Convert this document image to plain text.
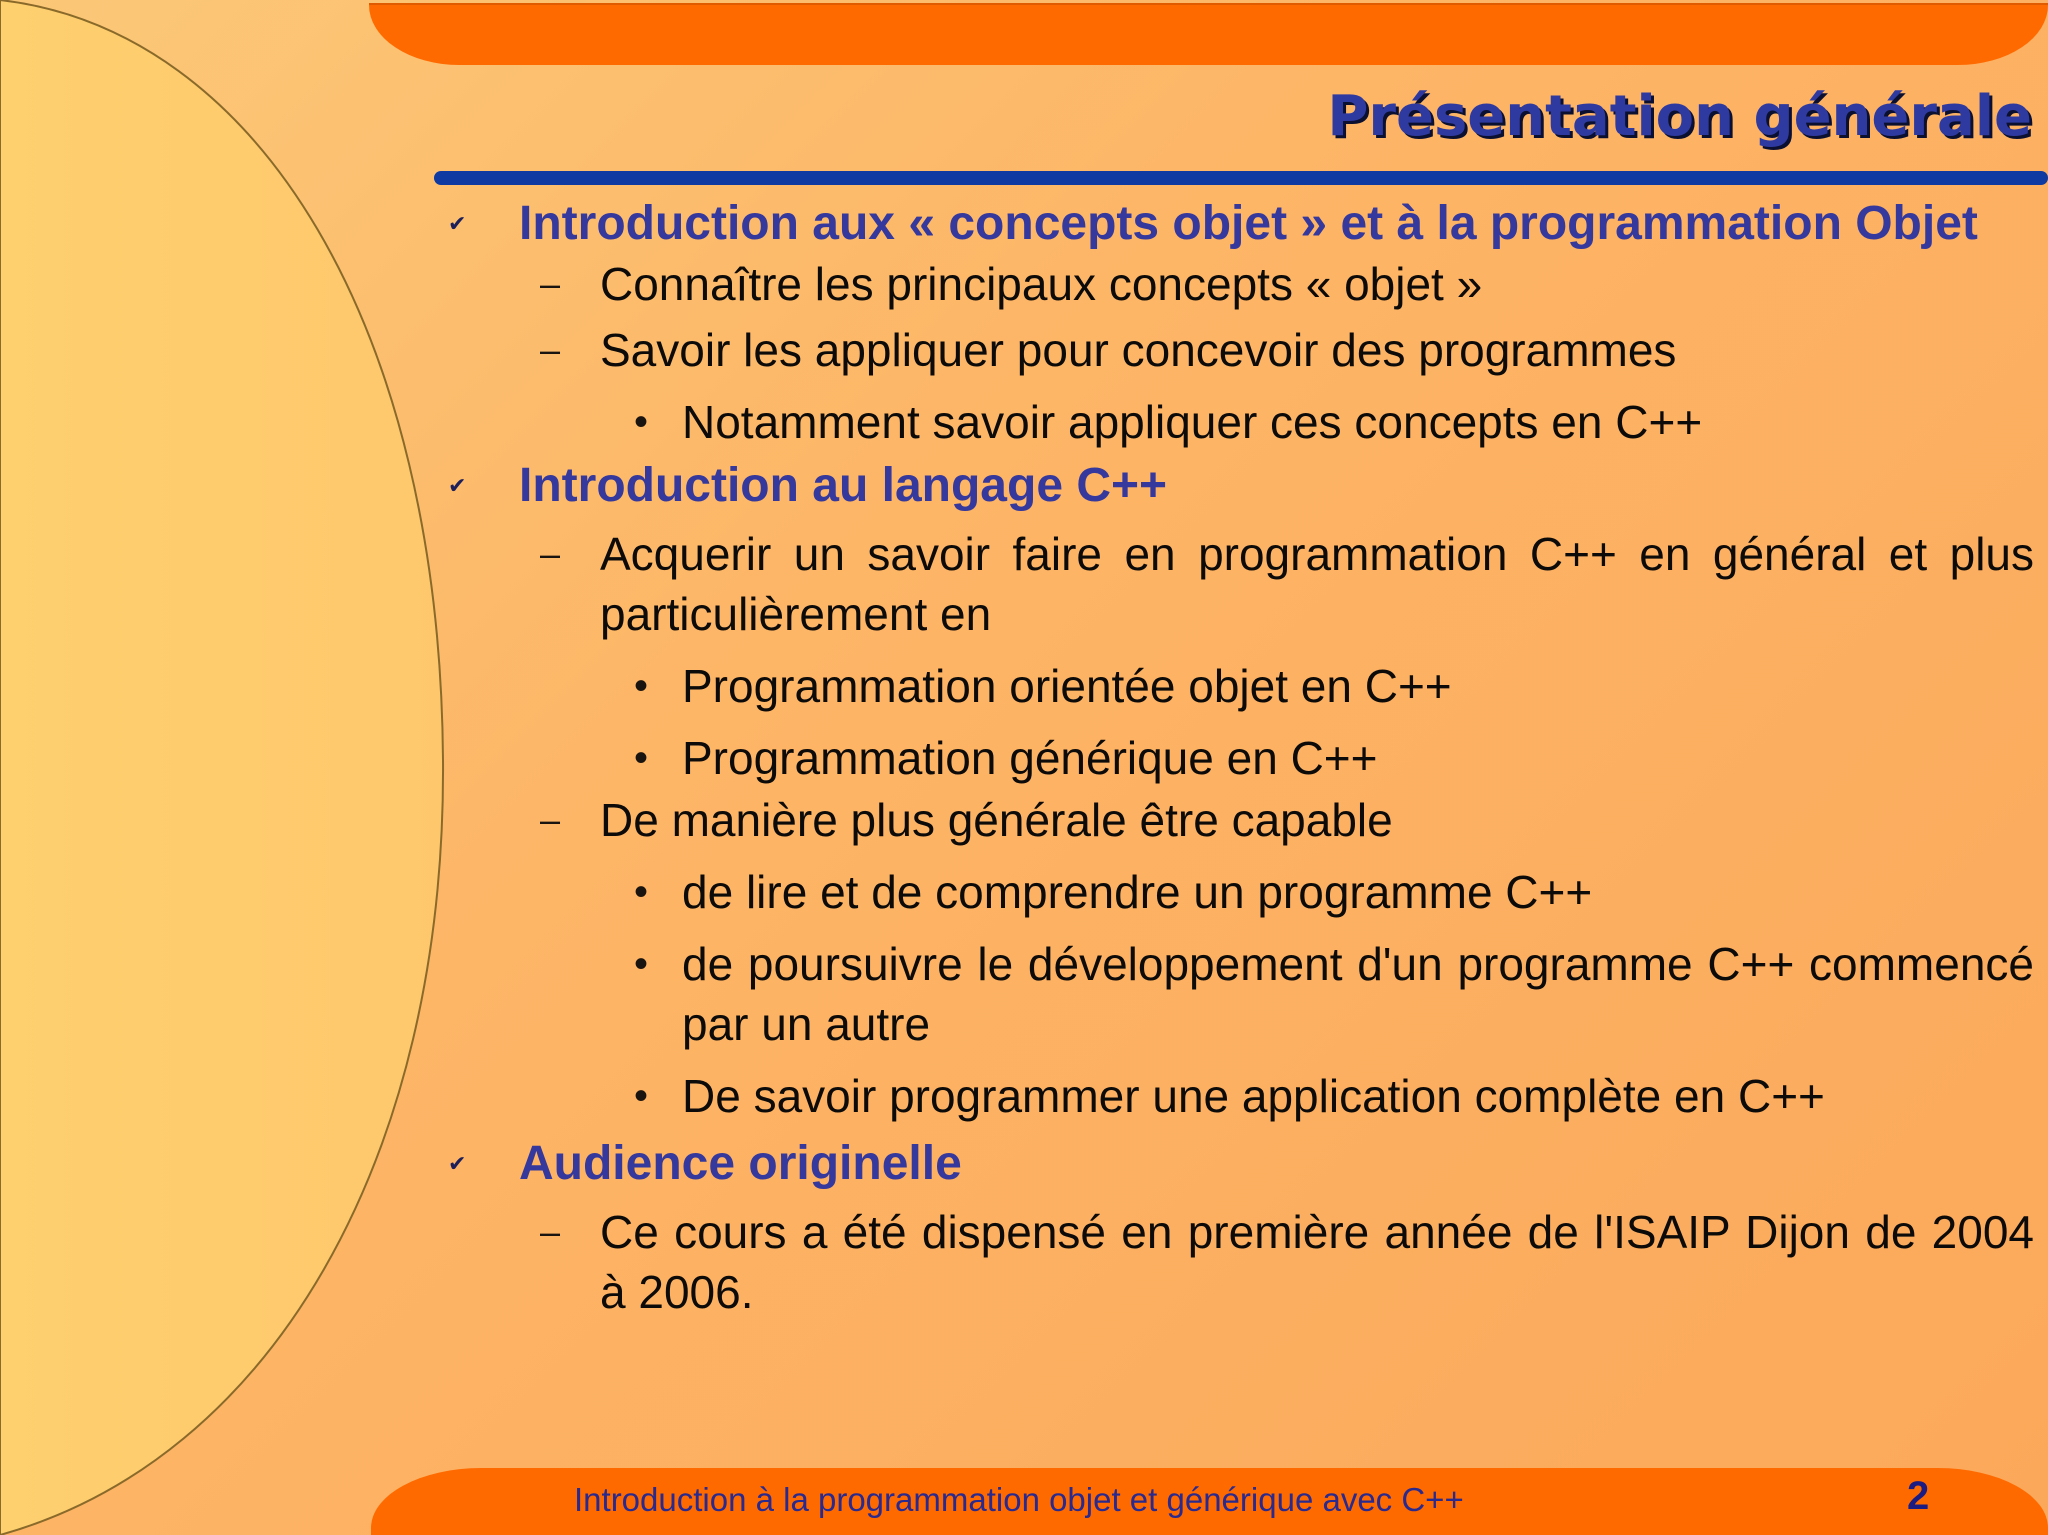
Présentation générale
✔ Introduction aux « concepts objet » et à la programmation Objet
– Connaître les principaux concepts « objet »
– Savoir les appliquer pour concevoir des programmes
• Notamment savoir appliquer ces concepts en C++
✔ Introduction au langage C++
– Acquerir un savoir faire en programmation C++ en général et plus particulièrement en
• Programmation orientée objet en C++
• Programmation générique en C++
– De manière plus générale être capable
• de lire et de comprendre un programme C++
• de poursuivre le développement d'un programme C++ commencé par un autre
• De savoir programmer une application complète en C++
✔ Audience originelle
– Ce cours a été dispensé en première année de l'ISAIP Dijon de 2004 à 2006.
Introduction à la programmation objet et générique avec C++	2
